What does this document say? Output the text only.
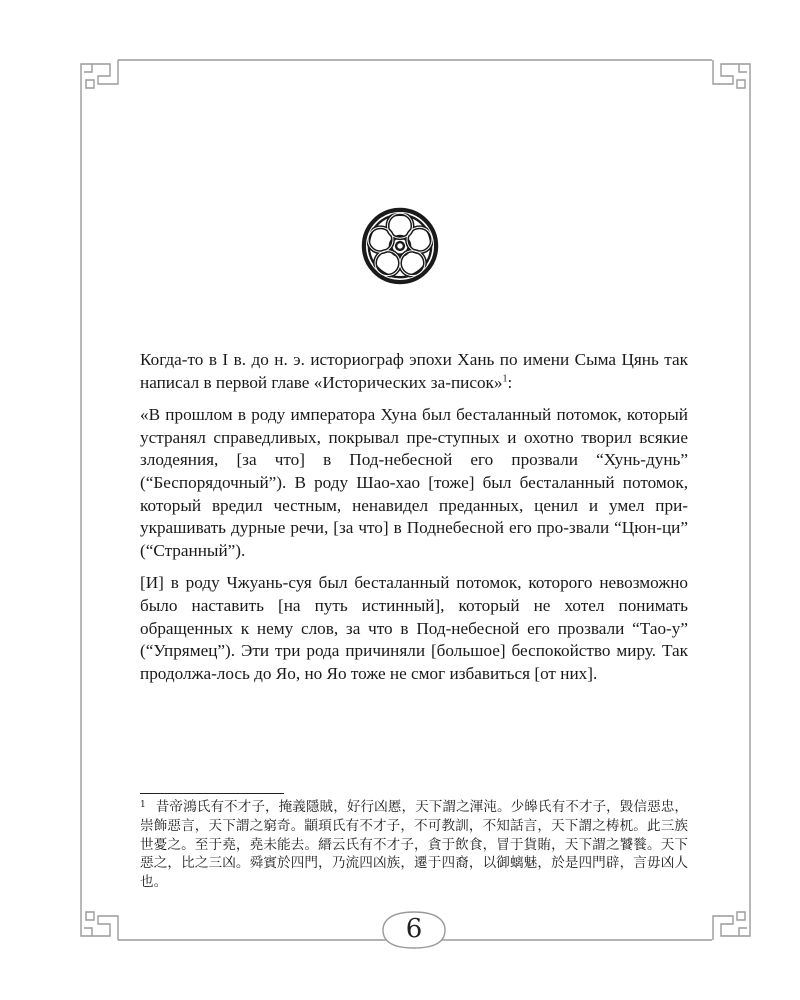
Когда-то в I в. до н. э. историограф эпохи Хань по имени Сыма Цянь так написал в первой главе «Исторических за-писок»$^1$:

«В прошлом в роду императора Хуна был бесталанный потомок, который устранял справедливых, покрывал пре-ступных и охотно творил всякие злодеяния, [за что] в Под-небесной его прозвали “Хунь-дунь” (“Беспорядочный”). В роду Шао-хао [тоже] был бесталанный потомок, который вредил честным, ненавидел преданных, ценил и умел при-украшивать дурные речи, [за что] в Поднебесной его про-звали “Цюн-ци” (“Странный”).

[И] в роду Чжуань-суя был бесталанный потомок, которого невозможно было наставить [на путь истинный], который не хотел понимать обращенных к нему слов, за что в Под-небесной его прозвали “Тао-у” (“Упрямец”). Эти три рода причиняли [большое] беспокойство миру. Так продолжа-лось до Яо, но Яо тоже не смог избавиться [от них].

$^1$ 昔帝鴻氏有不才子，掩義隱賊，好行凶慝，天下謂之渾沌。少皞氏有不才子，毀信惡忠，崇飾惡言，天下謂之窮奇。顓頊氏有不才子，不可教訓，不知話言，天下謂之梼杌。此三族世憂之。至于堯，堯未能去。縉云氏有不才子，貪于飲食，冒于貨賄，天下謂之饕餮。天下惡之，比之三凶。舜賓於四門，乃流四凶族，遷于四裔，以御螭魅，於是四門辟，言毋凶人也。
6
